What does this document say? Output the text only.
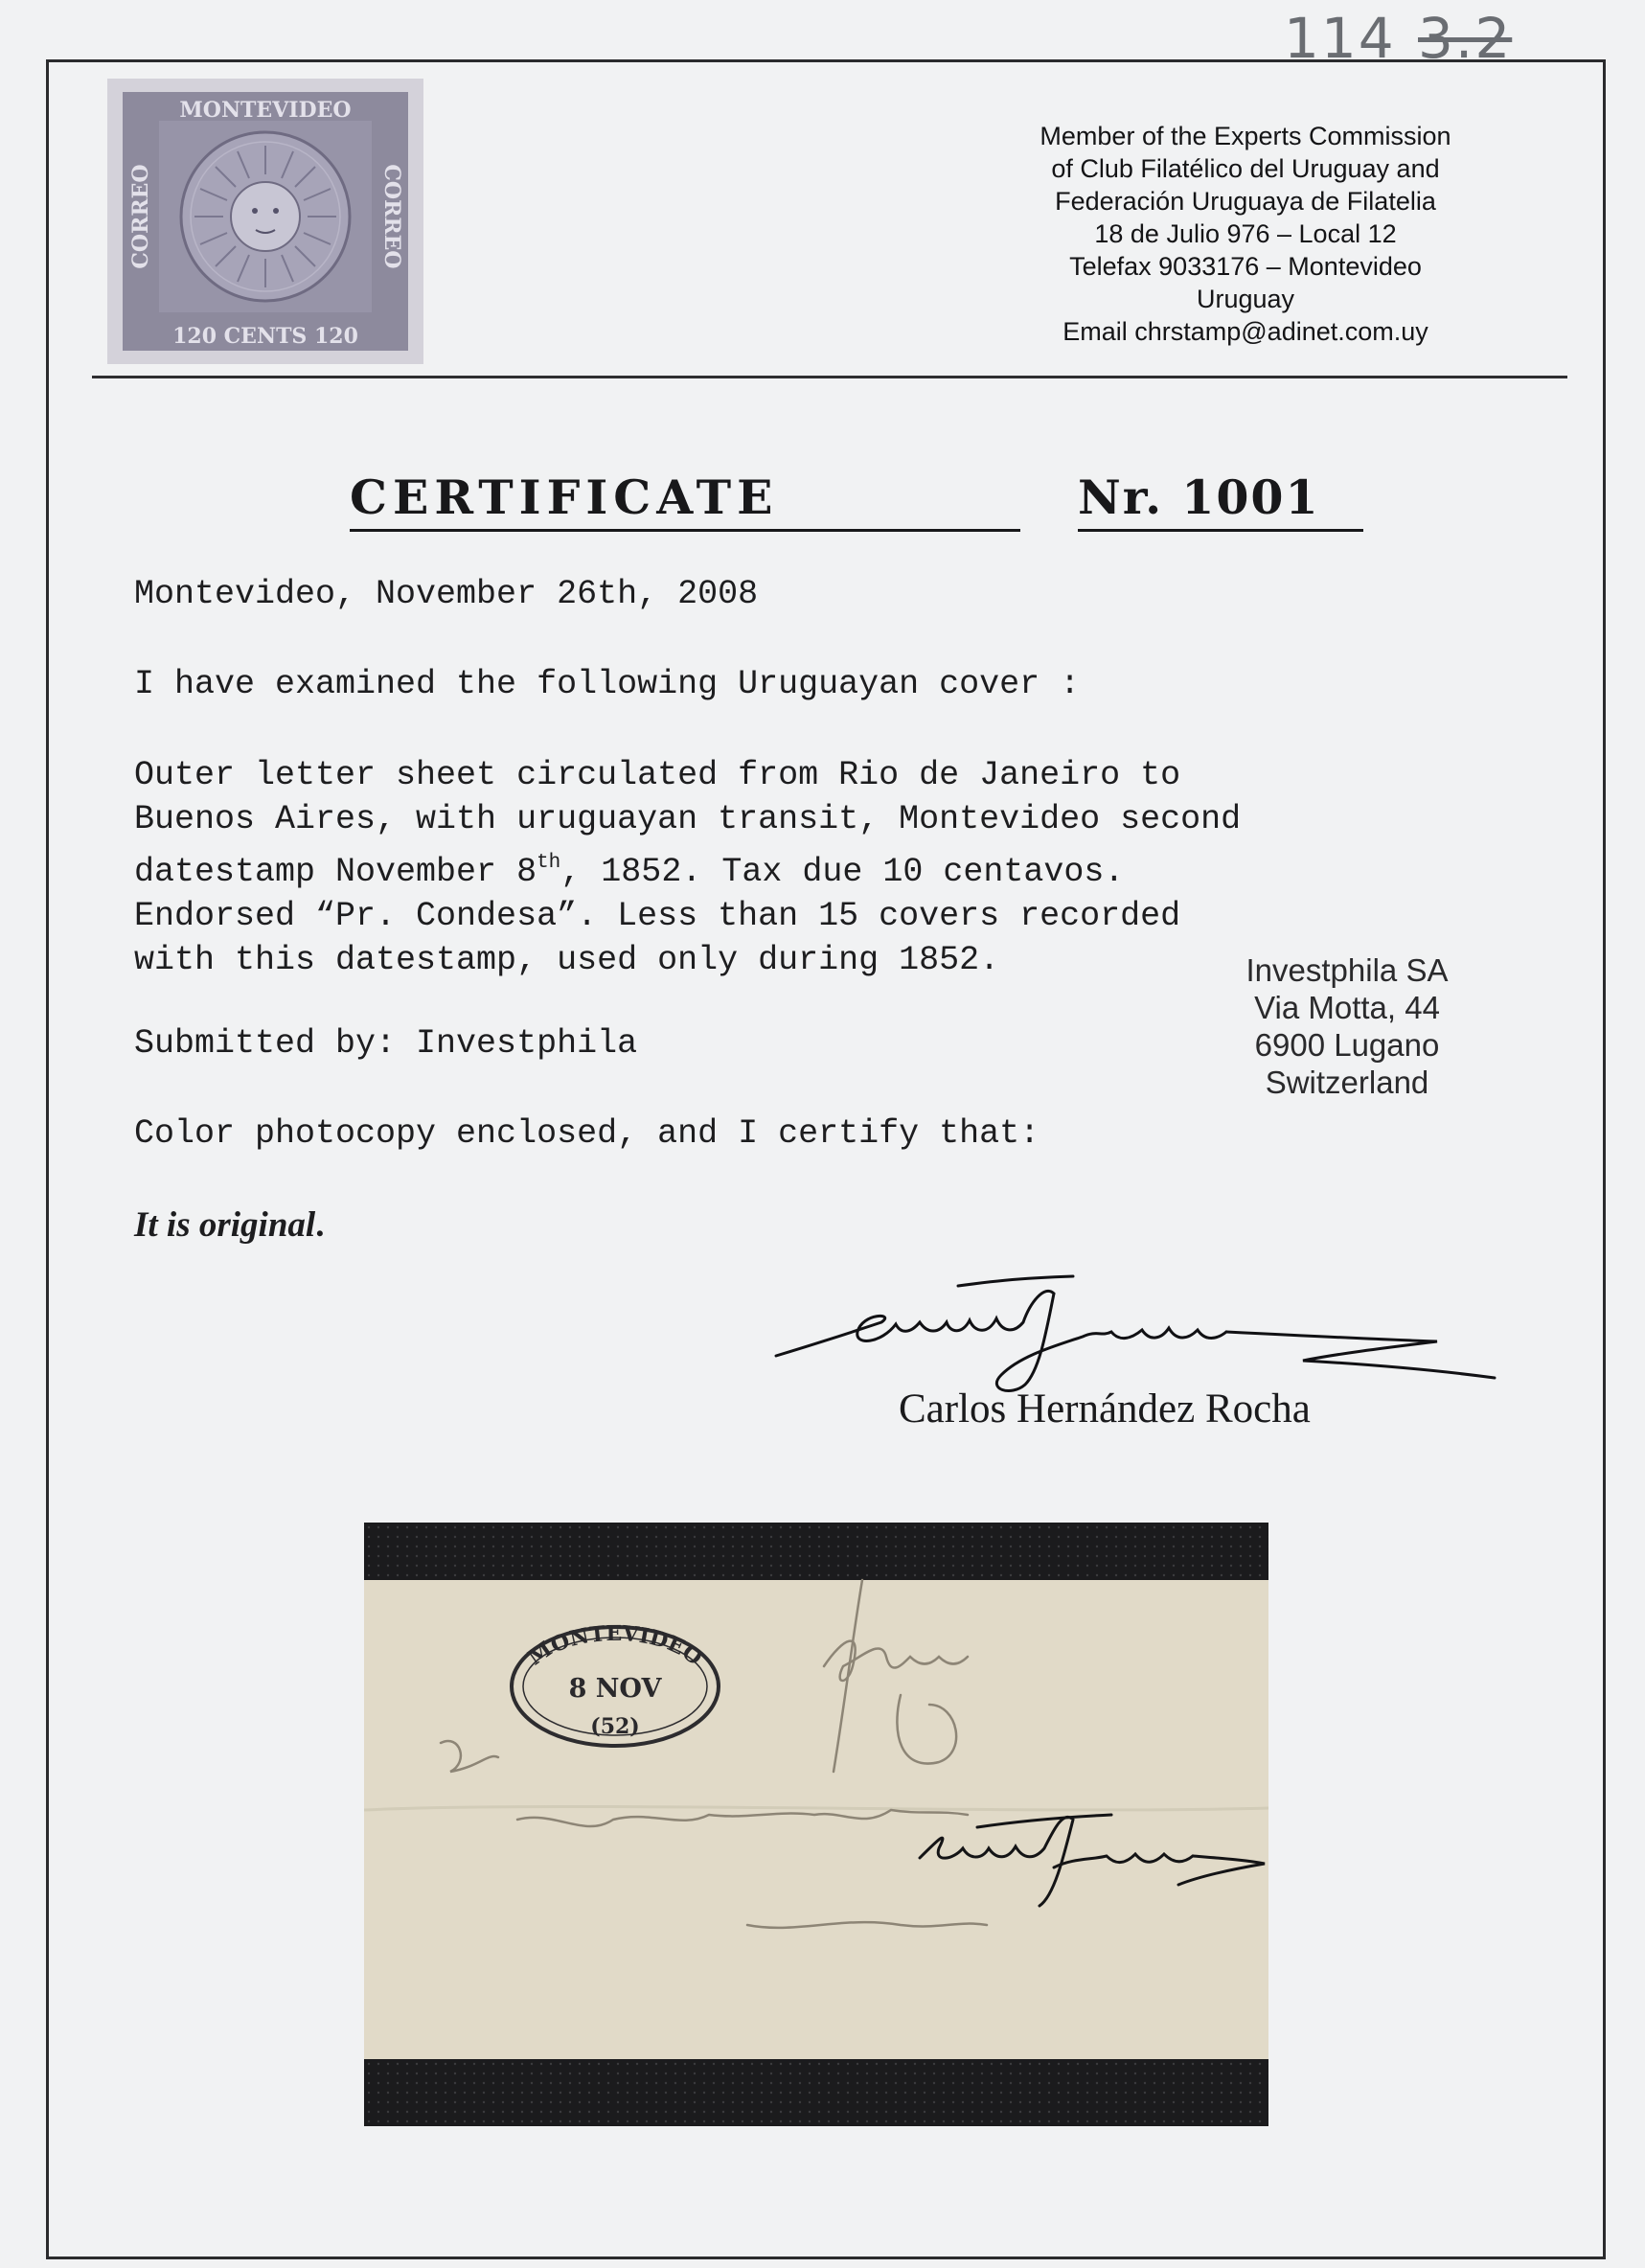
114 3.2
MONTEVIDEO
120 CENTS 120
CORREO	CORREO
Member of the Experts Commission
of Club Filatélico del Uruguay and
Federación Uruguaya de Filatelia
18 de Julio 976 – Local 12
Telefax 9033176 – Montevideo
Uruguay
Email chrstamp@adinet.com.uy
CERTIFICATE	Nr. 1001
Montevideo, November 26th, 2008
I have examined the following Uruguayan cover :
Outer letter sheet circulated from Rio de Janeiro to
Buenos Aires, with uruguayan transit, Montevideo second
datestamp November 8th, 1852. Tax due 10 centavos.
Endorsed “Pr. Condesa”. Less than 15 covers recorded
with this datestamp, used only during 1852.
Submitted by: Investphila
Color photocopy enclosed, and I certify that:
Investphila SA
Via Motta, 44
6900 Lugano
Switzerland
It is original.
Carlos Hernández Rocha
MONTEVIDEO
8 NOV
(52)
